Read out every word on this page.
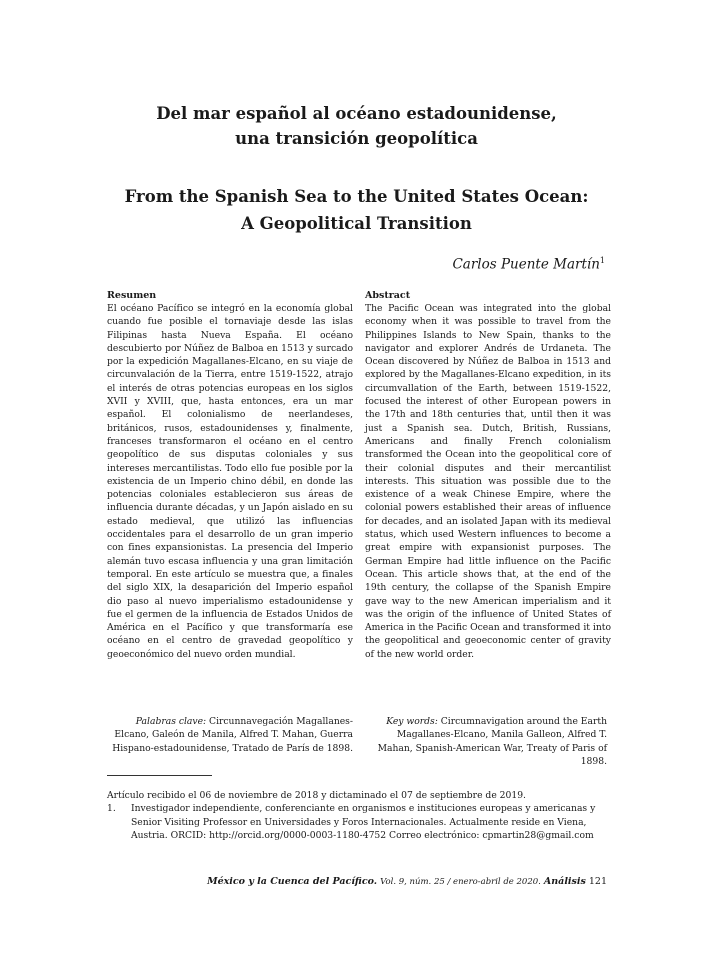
Del mar español al océano estadounidense,
una transición geopolítica
From the Spanish Sea to the United States Ocean:
A Geopolitical Transition
Carlos Puente Martín$^1$
Resumen

El océano Pacífico se integró en la economía global cuando fue posible el tornaviaje desde las islas Filipinas hasta Nueva España. El océano descubierto por Núñez de Balboa en 1513 y surcado por la expedición Magallanes-Elcano, en su viaje de circunvalación de la Tierra, entre 1519-1522, atrajo el interés de otras potencias europeas en los siglos XVII y XVIII, que, hasta entonces, era un mar español. El colonialismo de neerlandeses, británicos, rusos, estadounidenses y, finalmente, franceses transformaron el océano en el centro geopolítico de sus disputas coloniales y sus intereses mercantilistas. Todo ello fue posible por la existencia de un Imperio chino débil, en donde las potencias coloniales establecieron sus áreas de influencia durante décadas, y un Japón aislado en su estado medieval, que utilizó las influencias occidentales para el desarrollo de un gran imperio con fines expansionistas. La presencia del Imperio alemán tuvo escasa influencia y una gran limitación temporal. En este artículo se muestra que, a finales del siglo XIX, la desaparición del Imperio español dio paso al nuevo imperialismo estadounidense y fue el germen de la influencia de Estados Unidos de América en el Pacífico y que transformaría ese océano en el centro de gravedad geopolítico y geoeconómico del nuevo orden mundial.

Abstract

The Pacific Ocean was integrated into the global economy when it was possible to travel from the Philippines Islands to New Spain, thanks to the navigator and explorer Andrés de Urdaneta. The Ocean discovered by Núñez de Balboa in 1513 and explored by the Magallanes-Elcano expedition, in its circumvallation of the Earth, between 1519-1522, focused the interest of other European powers in the 17th and 18th centuries that, until then it was just a Spanish sea. Dutch, British, Russians, Americans and finally French colonialism transformed the Ocean into the geopolitical core of their colonial disputes and their mercantilist interests. This situation was possible due to the existence of a weak Chinese Empire, where the colonial powers established their areas of influence for decades, and an isolated Japan with its medieval status, which used Western influences to become a great empire with expansionist purposes. The German Empire had little influence on the Pacific Ocean. This article shows that, at the end of the 19th century, the collapse of the Spanish Empire gave way to the new American imperialism and it was the origin of the influence of United States of America in the Pacific Ocean and transformed it into the geopolitical and geoeconomic center of gravity of the new world order.

Palabras clave: Circunnavegación Magallanes-Elcano, Galeón de Manila, Alfred T. Mahan, Guerra Hispano-estadounidense, Tratado de París de 1898.
Key words: Circumnavigation around the Earth Magallanes-Elcano, Manila Galleon, Alfred T. Mahan, Spanish-American War, Treaty of Paris of 1898.

Artículo recibido el 06 de noviembre de 2018 y dictaminado el 07 de septiembre de 2019.

1.	Investigador independiente, conferenciante en organismos e instituciones europeas y americanas y Senior Visiting Professor en Universidades y Foros Internacionales. Actualmente reside en Viena, Austria. ORCID: http://orcid.org/0000-0003-1180-4752 Correo electrónico: cpmartin28@gmail.com
México y la Cuenca del Pacífico. Vol. 9, núm. 25 / enero-abril de 2020. Análisis 121
